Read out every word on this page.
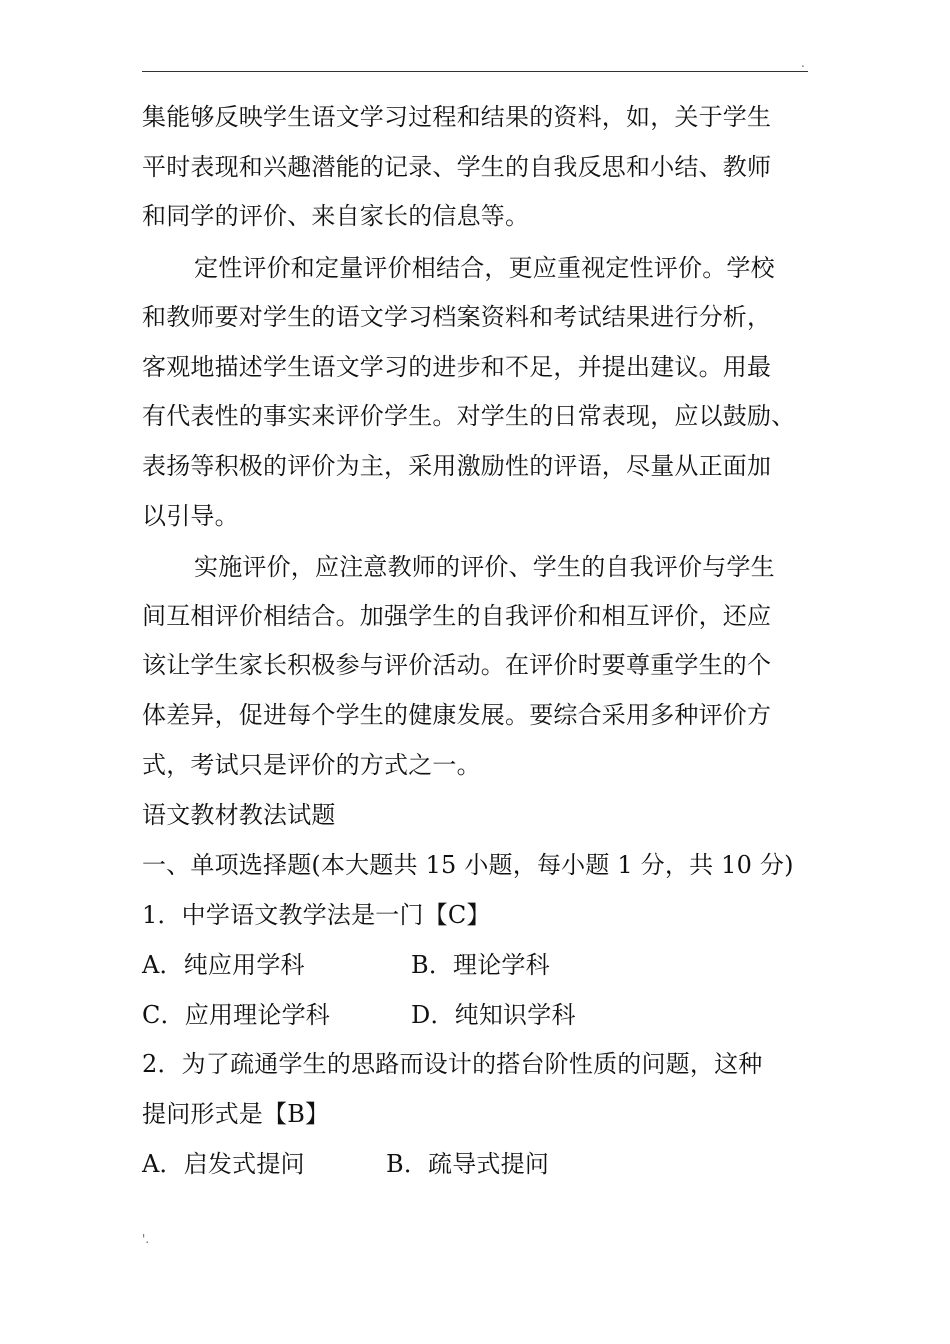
.
集能够反映学生语文学习过程和结果的资料，如，关于学生
平时表现和兴趣潜能的记录、学生的自我反思和小结、教师
和同学的评价、来自家长的信息等。
定性评价和定量评价相结合，更应重视定性评价。学校
和教师要对学生的语文学习档案资料和考试结果进行分析，
客观地描述学生语文学习的进步和不足，并提出建议。用最
有代表性的事实来评价学生。对学生的日常表现，应以鼓励、
表扬等积极的评价为主，采用激励性的评语，尽量从正面加
以引导。
实施评价，应注意教师的评价、学生的自我评价与学生
间互相评价相结合。加强学生的自我评价和相互评价，还应
该让学生家长积极参与评价活动。在评价时要尊重学生的个
体差异，促进每个学生的健康发展。要综合采用多种评价方
式，考试只是评价的方式之一。
语文教材教法试题
一、单项选择题(本大题共 15 小题，每小题 1 分，共 10 分)
1．中学语文教学法是一门【C】
A．纯应用学科	B．理论学科
C．应用理论学科	D．纯知识学科
2．为了疏通学生的思路而设计的搭台阶性质的问题，这种
提问形式是【B】
A．启发式提问	B．疏导式提问
'.
